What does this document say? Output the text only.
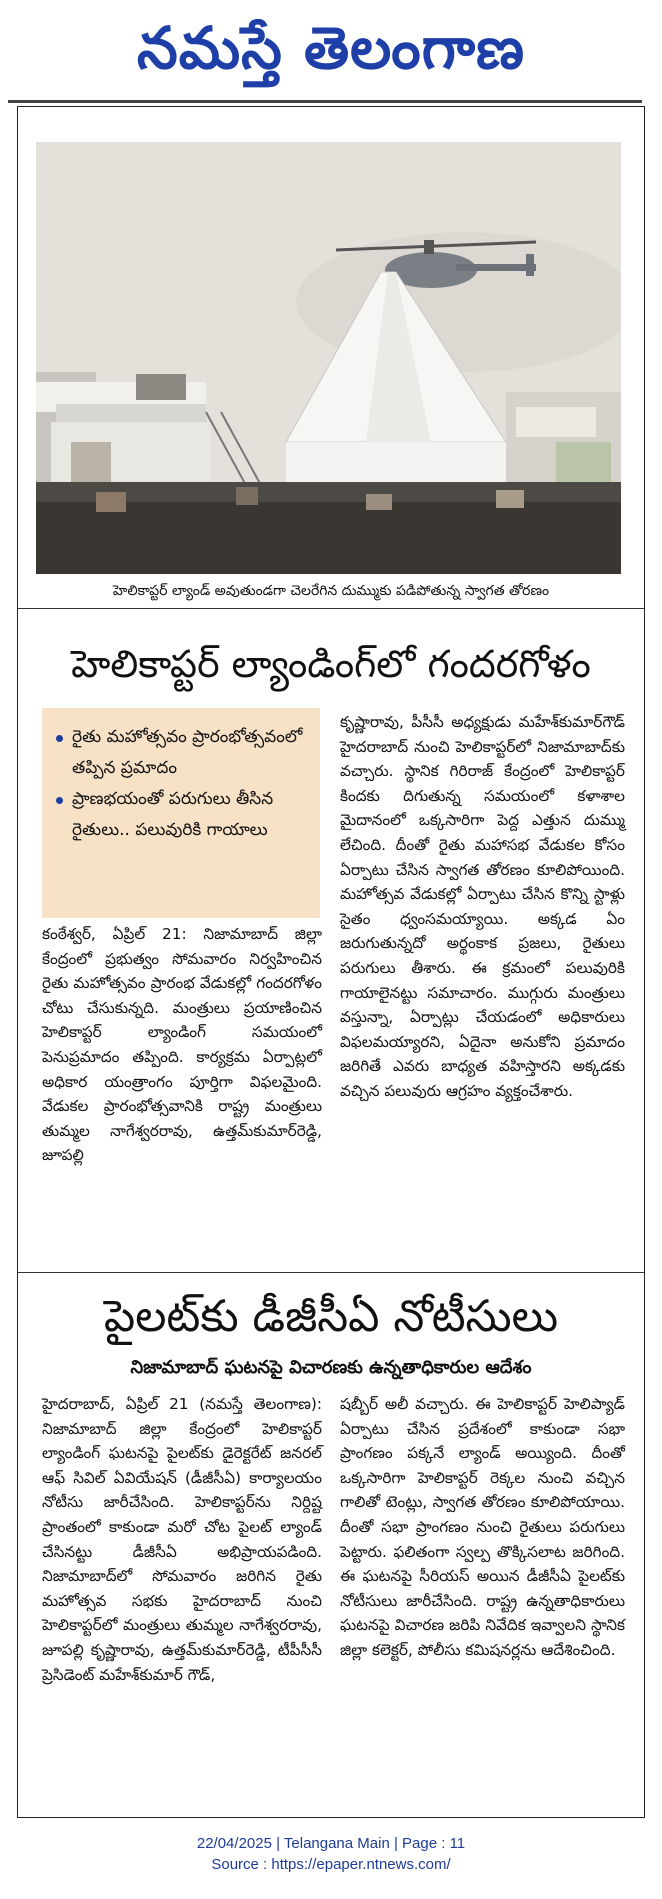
నమస్తే తెలంగాణ
హెలికాప్టర్ ల్యాండ్ అవుతుండగా చెలరేగిన దుమ్ముకు పడిపోతున్న స్వాగత తోరణం
హెలికాప్టర్ ల్యాండింగ్‌లో గందరగోళం
రైతు మహోత్సవం ప్రారంభోత్సవంలో తప్పిన ప్రమాదం
ప్రాణభయంతో పరుగులు తీసిన రైతులు.. పలువురికి గాయాలు

కంఠేశ్వర్, ఏప్రిల్ 21: నిజామాబాద్ జిల్లా కేంద్రంలో ప్రభుత్వం సోమవారం నిర్వహించిన రైతు మహోత్సవం ప్రారంభ వేడుకల్లో గందరగోళం చోటు చేసుకున్నది. మంత్రులు ప్రయాణించిన హెలికాప్టర్ ల్యాండింగ్ సమయంలో పెనుప్రమాదం తప్పింది. కార్యక్రమ ఏర్పాట్లలో అధికార యంత్రాంగం పూర్తిగా విఫలమైంది. వేడుకల ప్రారంభోత్సవానికి రాష్ట్ర మంత్రులు తుమ్మల నాగేశ్వరరావు, ఉత్తమ్‌కుమార్‌రెడ్డి, జూపల్లి

కృష్ణారావు, పీసీసీ అధ్యక్షుడు మహేశ్‌కుమార్‌గౌడ్ హైదరాబాద్ నుంచి హెలికాప్టర్‌లో నిజామాబాద్‌కు వచ్చారు. స్థానిక గిరిరాజ్ కేంద్రంలో హెలికాప్టర్ కిందకు దిగుతున్న సమయంలో కళాశాల మైదానంలో ఒక్కసారిగా పెద్ద ఎత్తున దుమ్ము లేచింది. దీంతో రైతు మహాసభ వేడుకల కోసం ఏర్పాటు చేసిన స్వాగత తోరణం కూలిపోయింది. మహోత్సవ వేడుకల్లో ఏర్పాటు చేసిన కొన్ని స్టాళ్లు సైతం ధ్వంసమయ్యాయి. అక్కడ ఏం జరుగుతున్నదో అర్థంకాక ప్రజలు, రైతులు పరుగులు తీశారు. ఈ క్రమంలో పలువురికి గాయాలైనట్టు సమాచారం. ముగ్గురు మంత్రులు వస్తున్నా, ఏర్పాట్లు చేయడంలో అధికారులు విఫలమయ్యారని, ఏదైనా అనుకోని ప్రమాదం జరిగితే ఎవరు బాధ్యత వహిస్తారని అక్కడకు వచ్చిన పలువురు ఆగ్రహం వ్యక్తంచేశారు.

పైలట్‌కు డీజీసీఏ నోటీసులు
నిజామాబాద్ ఘటనపై విచారణకు ఉన్నతాధికారుల ఆదేశం

హైదరాబాద్, ఏప్రిల్ 21 (నమస్తే తెలంగాణ): నిజామాబాద్ జిల్లా కేంద్రంలో హెలికాప్టర్ ల్యాండింగ్ ఘటనపై పైలట్‌కు డైరెక్టరేట్ జనరల్ ఆఫ్ సివిల్ ఏవియేషన్ (డీజీసీఏ) కార్యాలయం నోటీసు జారీచేసింది. హెలికాప్టర్‌ను నిర్దిష్ట ప్రాంతంలో కాకుండా మరో చోట పైలట్ ల్యాండ్ చేసినట్టు డీజీసీఏ అభిప్రాయపడింది. నిజామాబాద్‌లో సోమవారం జరిగిన రైతు మహోత్సవ సభకు హైదరాబాద్ నుంచి హెలికాప్టర్‌లో మంత్రులు తుమ్మల నాగేశ్వరరావు, జూపల్లి కృష్ణారావు, ఉత్తమ్‌కుమార్‌రెడ్డి, టీపీసీసీ ప్రెసిడెంట్ మహేశ్‌కుమార్ గౌడ్,

షబ్బీర్ అలీ వచ్చారు. ఈ హెలికాప్టర్ హెలిప్యాడ్ ఏర్పాటు చేసిన ప్రదేశంలో కాకుండా సభా ప్రాంగణం పక్కనే ల్యాండ్ అయ్యింది. దీంతో ఒక్కసారిగా హెలికాప్టర్ రెక్కల నుంచి వచ్చిన గాలితో టెంట్లు, స్వాగత తోరణం కూలిపోయాయి. దీంతో సభా ప్రాంగణం నుంచి రైతులు పరుగులు పెట్టారు. ఫలితంగా స్వల్ప తొక్కిసలాట జరిగింది. ఈ ఘటనపై సీరియస్ అయిన డీజీసీఏ పైలట్‌కు నోటీసులు జారీచేసింది. రాష్ట్ర ఉన్నతాధికారులు ఘటనపై విచారణ జరిపి నివేదిక ఇవ్వాలని స్థానిక జిల్లా కలెక్టర్, పోలీసు కమిషనర్లను ఆదేశించింది.

22/04/2025 | Telangana Main | Page : 11
Source : https://epaper.ntnews.com/
